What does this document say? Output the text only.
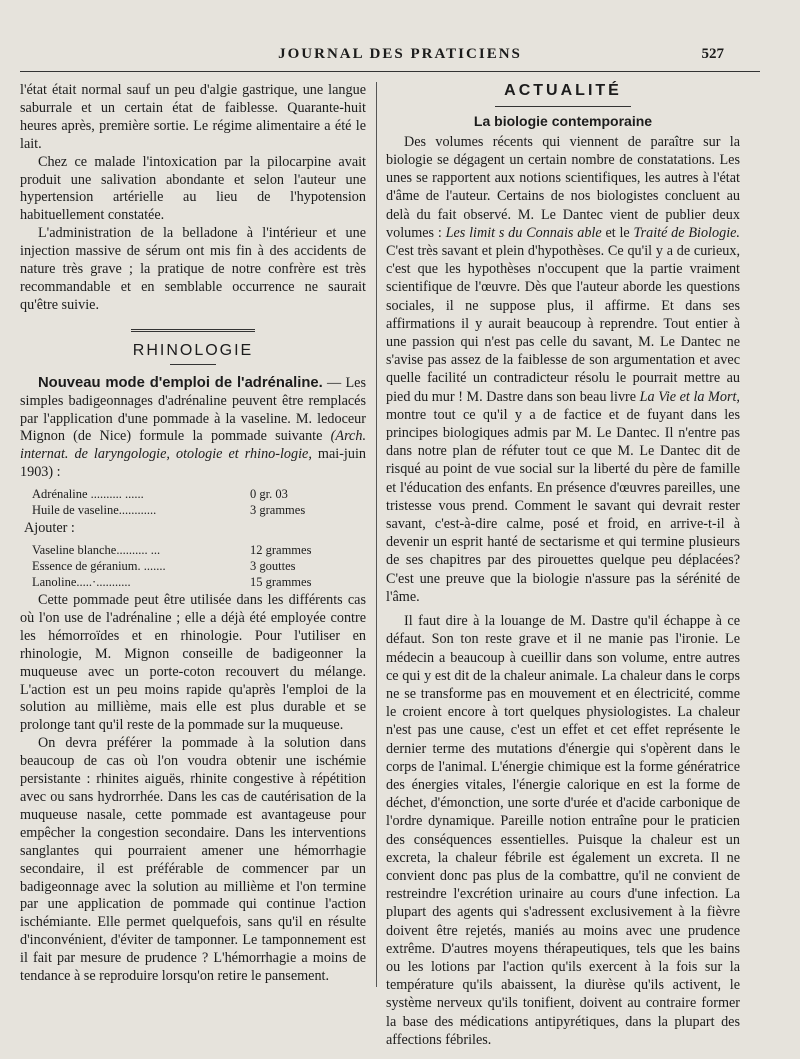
JOURNAL DES PRATICIENS	527

l'état était normal sauf un peu d'algie gastrique, une langue saburrale et un certain état de faiblesse. Quarante-huit heures après, première sortie. Le régime alimentaire a été le lait.

Chez ce malade l'intoxication par la pilocarpine avait produit une salivation abondante et selon l'auteur une hypertension artérielle au lieu de l'hypotension habituellement constatée.

L'administration de la belladone à l'intérieur et une injection massive de sérum ont mis fin à des accidents de nature très grave ; la pratique de notre confrère est très recommandable et en semblable occurrence ne saurait qu'être suivie.

RHINOLOGIE

Nouveau mode d'emploi de l'adrénaline. — Les simples badigeonnages d'adrénaline peuvent être remplacés par l'application d'une pommade à la vaseline. M. ledoceur Mignon (de Nice) formule la pommade suivante (Arch. internat. de laryngologie, otologie et rhino-logie, mai-juin 1903) :

Adrénaline .......... ......	0 gr. 03
Huile de vaseline............	3 grammes
Ajouter :
Vaseline blanche.......... ...	12 grammes
Essence de géranium. .......	3 gouttes
Lanoline.....·...........	15 grammes

Cette pommade peut être utilisée dans les différents cas où l'on use de l'adrénaline ; elle a déjà été employée contre les hémorroïdes et en rhinologie. Pour l'utiliser en rhinologie, M. Mignon conseille de badigeonner la muqueuse avec un porte-coton recouvert du mélange. L'action est un peu moins rapide qu'après l'emploi de la solution au millième, mais elle est plus durable et se prolonge tant qu'il reste de la pommade sur la muqueuse.

On devra préférer la pommade à la solution dans beaucoup de cas où l'on voudra obtenir une ischémie persistante : rhinites aiguës, rhinite congestive à répétition avec ou sans hydrorrhée. Dans les cas de cautérisation de la muqueuse nasale, cette pommade est avantageuse pour empêcher la congestion secondaire. Dans les interventions sanglantes qui pourraient amener une hémorrhagie secondaire, il est préférable de commencer par un badigeonnage avec la solution au millième et l'on termine par une application de pommade qui continue l'action ischémiante. Elle permet quelquefois, sans qu'il en résulte d'inconvénient, d'éviter de tamponner. Le tamponnement est il fait par mesure de prudence ? L'hémorrhagie a moins de tendance à se reproduire lorsqu'on retire le pansement.

ACTUALITÉ
La biologie contemporaine

Des volumes récents qui viennent de paraître sur la biologie se dégagent un certain nombre de constatations. Les unes se rapportent aux notions scientifiques, les autres à l'état d'âme de l'auteur. Certains de nos biologistes concluent au delà du fait observé. M. Le Dantec vient de publier deux volumes : Les limit s du Connais able et le Traité de Biologie. C'est très savant et plein d'hypothèses. Ce qu'il y a de curieux, c'est que les hypothèses n'occupent que la partie vraiment scientifique de l'œuvre. Dès que l'auteur aborde les questions sociales, il ne suppose plus, il affirme. Et dans ses affirmations il y aurait beaucoup à reprendre. Tout entier à une passion qui n'est pas celle du savant, M. Le Dantec ne s'avise pas assez de la faiblesse de son argumentation et avec quelle facilité un contradicteur résolu le pourrait mettre au pied du mur ! M. Dastre dans son beau livre La Vie et la Mort, montre tout ce qu'il y a de factice et de fuyant dans les principes biologiques admis par M. Le Dantec. Il n'entre pas dans notre plan de réfuter tout ce que M. Le Dantec dit de risqué au point de vue social sur la liberté du père de famille et l'éducation des enfants. En présence d'œuvres pareilles, une tristesse vous prend. Comment le savant qui devrait rester savant, c'est-à-dire calme, posé et froid, en arrive-t-il à devenir un esprit hanté de sectarisme et qui termine plusieurs de ses chapitres par des pirouettes quelque peu déplacées? C'est une preuve que la biologie n'assure pas la sérénité de l'âme.

Il faut dire à la louange de M. Dastre qu'il échappe à ce défaut. Son ton reste grave et il ne manie pas l'ironie. Le médecin a beaucoup à cueillir dans son volume, entre autres ce qui y est dit de la chaleur animale. La chaleur dans le corps ne se transforme pas en mouvement et en électricité, comme le croient encore à tort quelques physiologistes. La chaleur n'est pas une cause, c'est un effet et cet effet représente le dernier terme des mutations d'énergie qui s'opèrent dans le corps de l'animal. L'énergie chimique est la forme génératrice des énergies vitales, l'énergie calorique en est la forme de déchet, d'émonction, une sorte d'urée et d'acide carbonique de l'ordre dynamique. Pareille notion entraîne pour le praticien des conséquences essentielles. Puisque la chaleur est un excreta, la chaleur fébrile est également un excreta. Il ne convient donc pas plus de la combattre, qu'il ne convient de restreindre l'excrétion urinaire au cours d'une infection. La plupart des agents qui s'adressent exclusivement à la fièvre doivent être rejetés, maniés au moins avec une prudence extrême. D'autres moyens thérapeutiques, tels que les bains ou les lotions par l'action qu'ils exercent à la fois sur la température qu'ils abaissent, la diurèse qu'ils activent, le système nerveux qu'ils tonifient, doivent au contraire former la base des médications antipyrétiques, dans la plupart des affections fébriles.
